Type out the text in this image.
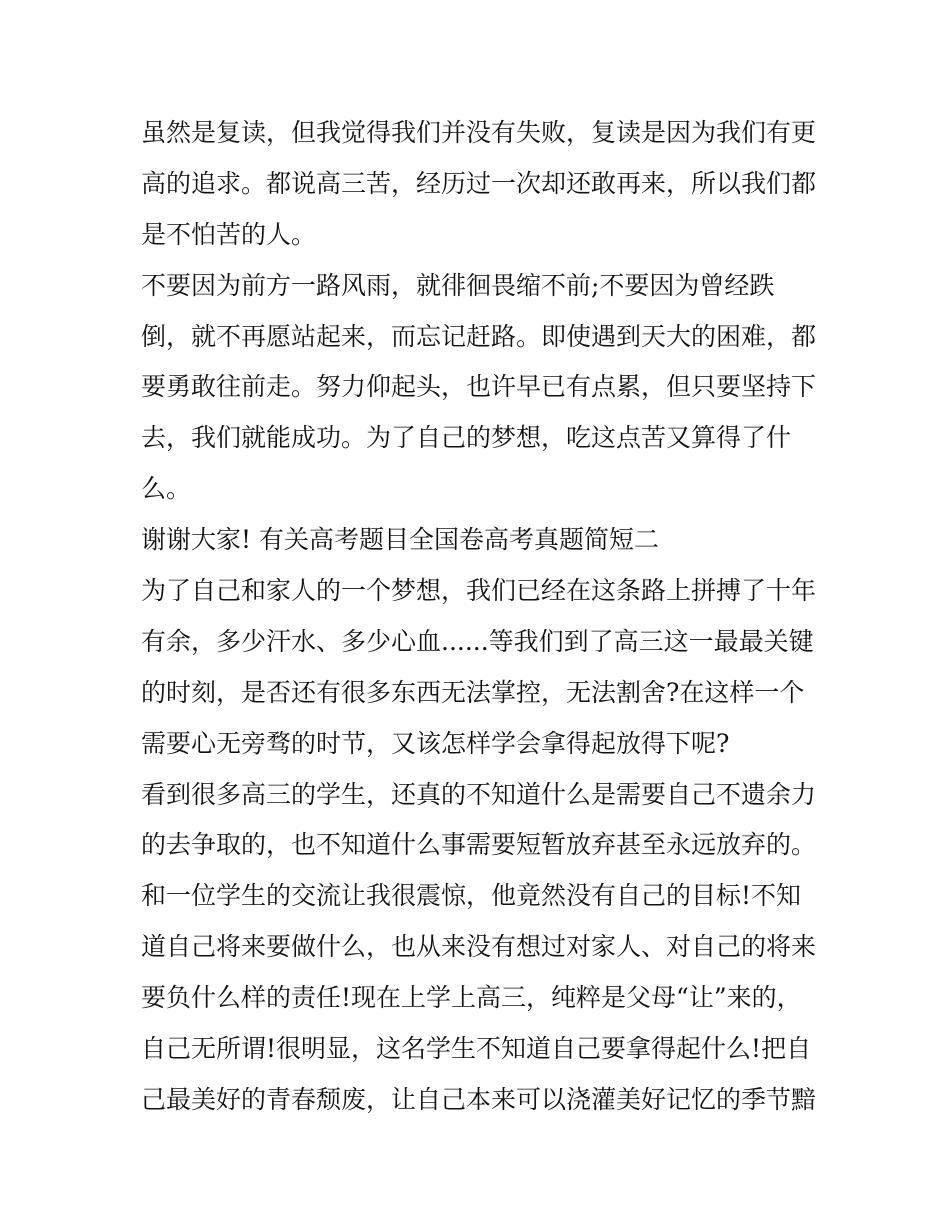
虽然是复读，但我觉得我们并没有失败，复读是因为我们有更
高的追求。都说高三苦，经历过一次却还敢再来，所以我们都
是不怕苦的人。
不要因为前方一路风雨，就徘徊畏缩不前;不要因为曾经跌
倒，就不再愿站起来，而忘记赶路。即使遇到天大的困难，都
要勇敢往前走。努力仰起头，也许早已有点累，但只要坚持下
去，我们就能成功。为了自己的梦想，吃这点苦又算得了什
么。
谢谢大家! 有关高考题目全国卷高考真题简短二
为了自己和家人的一个梦想，我们已经在这条路上拼搏了十年
有余，多少汗水、多少心血......等我们到了高三这一最最关键
的时刻，是否还有很多东西无法掌控，无法割舍?在这样一个
需要心无旁骛的时节，又该怎样学会拿得起放得下呢?
看到很多高三的学生，还真的不知道什么是需要自己不遗余力
的去争取的，也不知道什么事需要短暂放弃甚至永远放弃的。
和一位学生的交流让我很震惊，他竟然没有自己的目标!不知
道自己将来要做什么，也从来没有想过对家人、对自己的将来
要负什么样的责任!现在上学上高三，纯粹是父母“让”来的，
自己无所谓!很明显，这名学生不知道自己要拿得起什么!把自
己最美好的青春颓废，让自己本来可以浇灌美好记忆的季节黯
